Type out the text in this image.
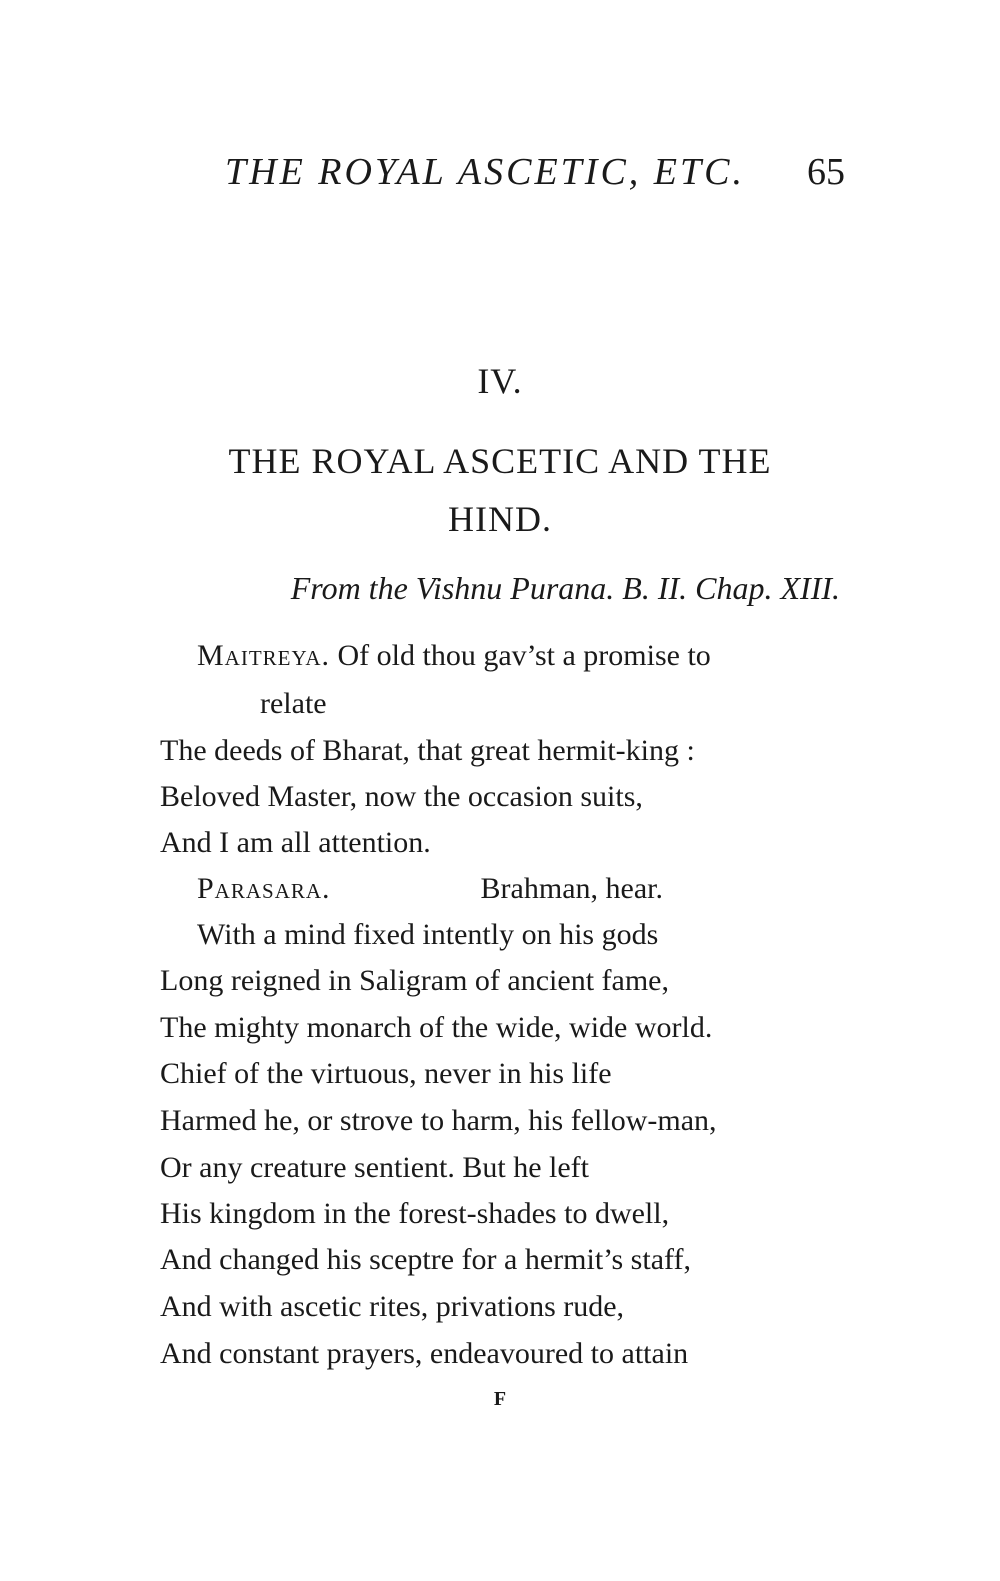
THE ROYAL ASCETIC, ETC. 65
IV.
THE ROYAL ASCETIC AND THE
HIND.
From the Vishnu Purana. B. II. Chap. XIII.
Maitreya. Of old thou gav’st a promise to
relate
The deeds of Bharat, that great hermit-king :
Beloved Master, now the occasion suits,
And I am all attention.
Parasara.	Brahman, hear.
With a mind fixed intently on his gods
Long reigned in Saligram of ancient fame,
The mighty monarch of the wide, wide world.
Chief of the virtuous, never in his life
Harmed he, or strove to harm, his fellow-man,
Or any creature sentient. But he left
His kingdom in the forest-shades to dwell,
And changed his sceptre for a hermit’s staff,
And with ascetic rites, privations rude,
And constant prayers, endeavoured to attain
F
